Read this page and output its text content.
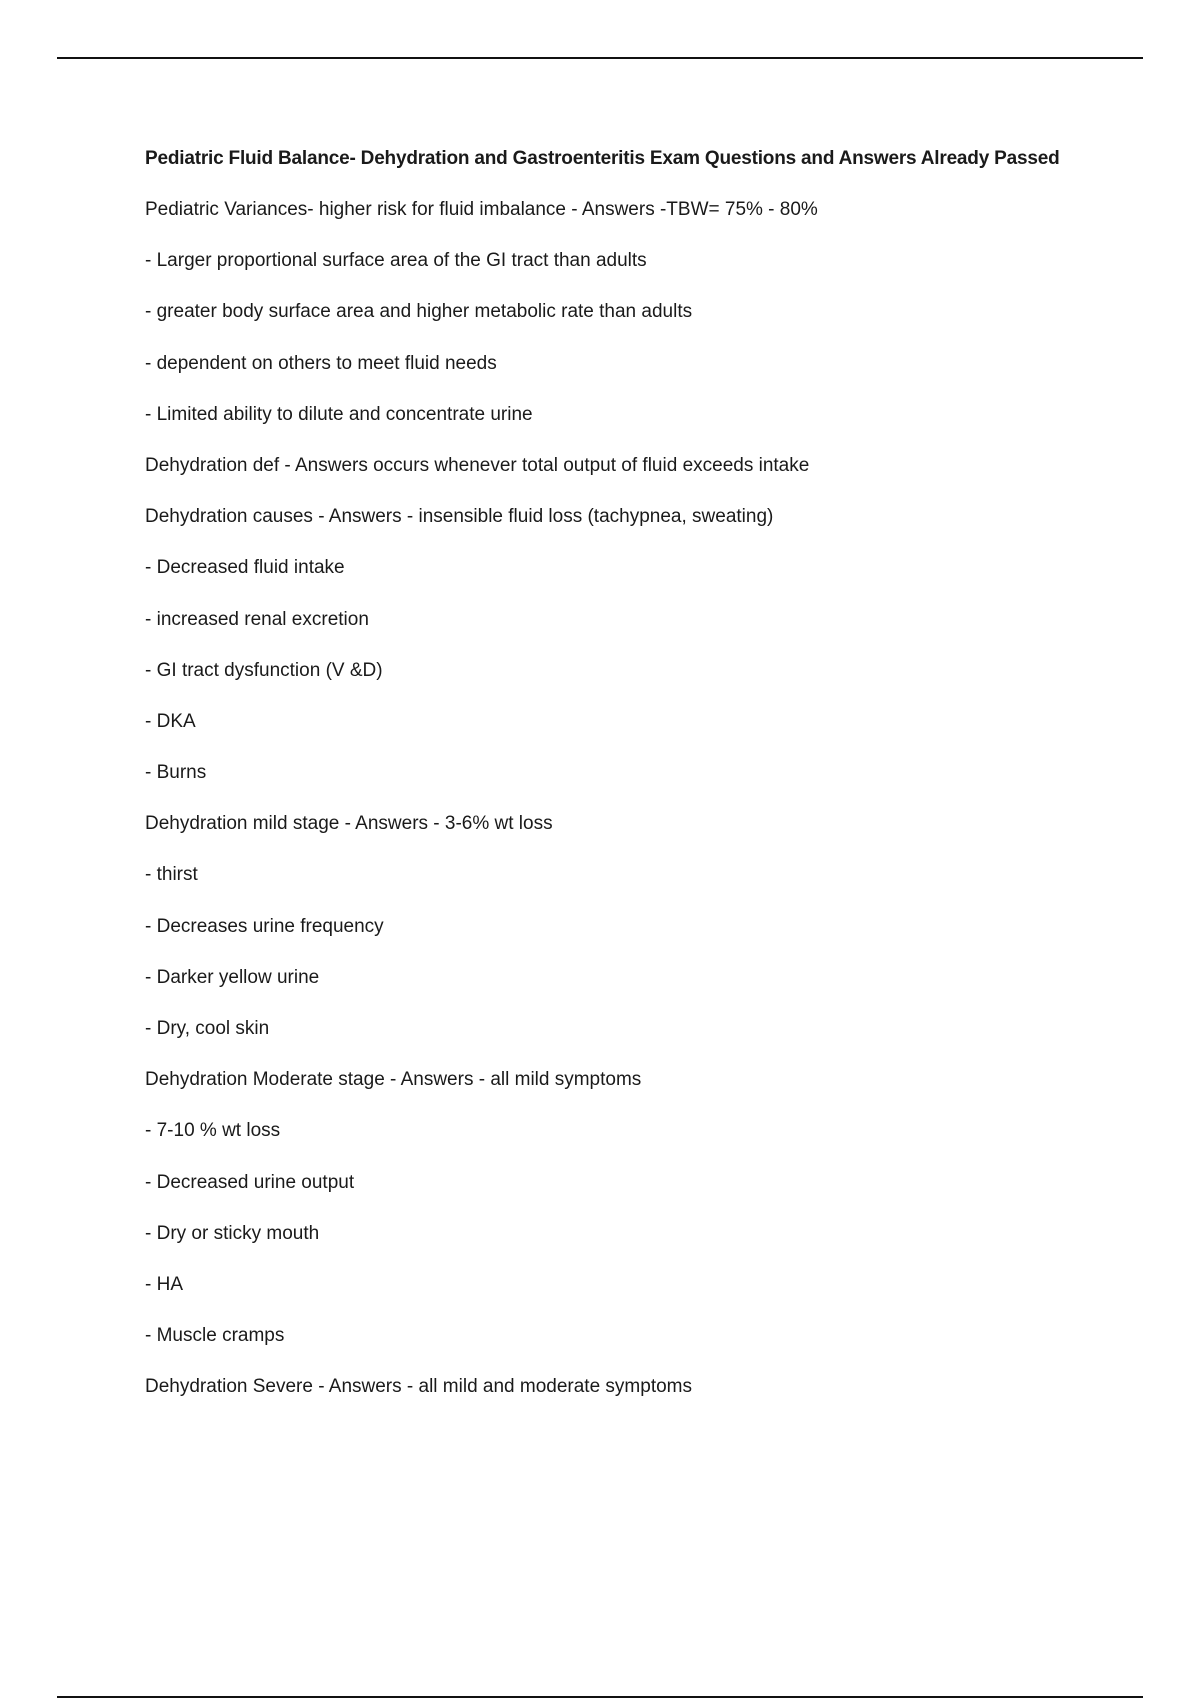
Pediatric Fluid Balance- Dehydration and Gastroenteritis Exam Questions and Answers Already Passed
Pediatric Variances- higher risk for fluid imbalance - Answers -TBW= 75% - 80%
- Larger proportional surface area of the GI tract than adults
- greater body surface area and higher metabolic rate than adults
- dependent on others to meet fluid needs
- Limited ability to dilute and concentrate urine
Dehydration def - Answers occurs whenever total output of fluid exceeds intake
Dehydration causes - Answers - insensible fluid loss (tachypnea, sweating)
- Decreased fluid intake
- increased renal excretion
- GI tract dysfunction (V &D)
- DKA
- Burns
Dehydration mild stage - Answers - 3-6% wt loss
- thirst
- Decreases urine frequency
- Darker yellow urine
- Dry, cool skin
Dehydration Moderate stage - Answers - all mild symptoms
- 7-10 % wt loss
- Decreased urine output
- Dry or sticky mouth
- HA
- Muscle cramps
Dehydration Severe - Answers - all mild and moderate symptoms
